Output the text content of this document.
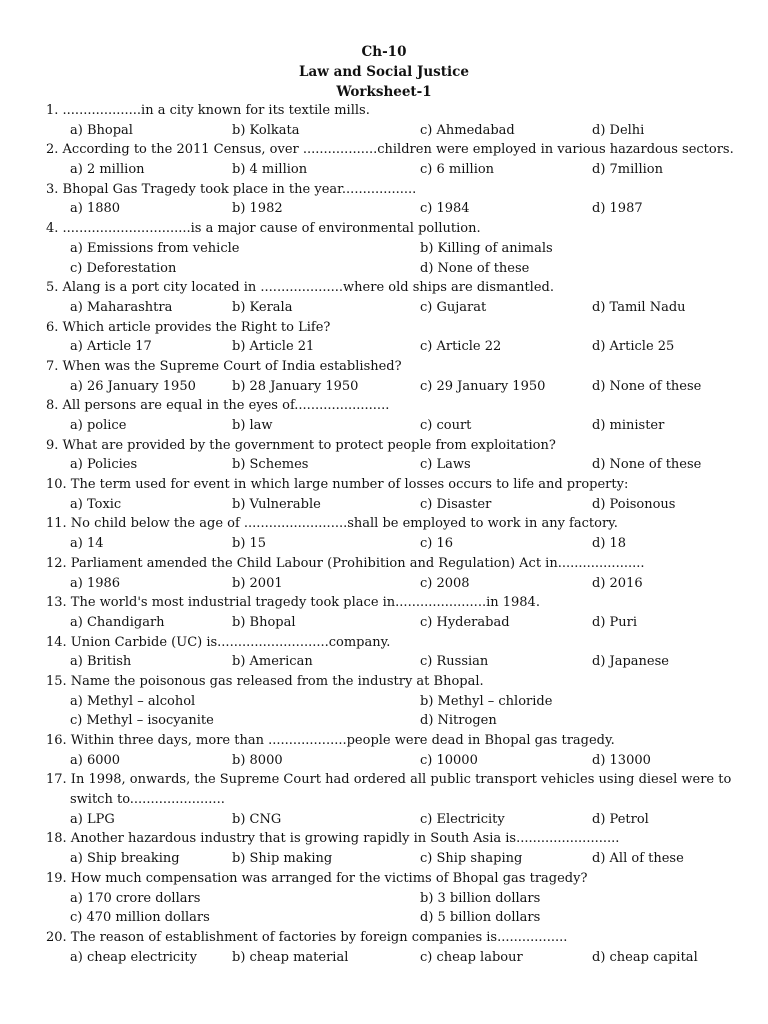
Ch-10
Law and Social Justice
Worksheet-1
1. ...................in a city known for its textile mills.
a) Bhopal	b) Kolkata	c) Ahmedabad	d) Delhi
2. According to the 2011 Census, over ..................children were employed in various hazardous sectors.
a) 2 million	b) 4 million	c) 6 million	d) 7million
3. Bhopal Gas Tragedy took place in the year..................
a) 1880	b) 1982	c) 1984	d) 1987
4. ...............................is a major cause of environmental pollution.
a) Emissions from vehicle	b) Killing of animals
c) Deforestation	d) None of these
5. Alang is a port city located in ....................where old ships are dismantled.
a) Maharashtra	b) Kerala	c) Gujarat	d) Tamil Nadu
6. Which article provides the Right to Life?
a) Article 17	b) Article 21	c) Article 22	d) Article 25
7. When was the Supreme Court of India established?
a) 26 January 1950	b) 28 January 1950	c) 29 January 1950	d) None of these
8. All persons are equal in the eyes of.......................
a) police	b) law	c) court	d) minister
9. What are provided by the government to protect people from exploitation?
a) Policies	b) Schemes	c) Laws	d) None of these
10. The term used for event in which large number of losses occurs to life and property:
a) Toxic	b) Vulnerable	c) Disaster	d) Poisonous
11. No child below the age of .........................shall be employed to work in any factory.
a) 14	b) 15	c) 16	d) 18
12. Parliament amended the Child Labour (Prohibition and Regulation) Act in.....................
a) 1986	b) 2001	c) 2008	d) 2016
13. The world's most industrial tragedy took place in......................in 1984.
a) Chandigarh	b) Bhopal	c) Hyderabad	d) Puri
14. Union Carbide (UC) is...........................company.
a) British	b) American	c) Russian	d) Japanese
15. Name the poisonous gas released from the industry at Bhopal.
a) Methyl – alcohol	b) Methyl – chloride
c) Methyl – isocyanite	d) Nitrogen
16. Within three days, more than ...................people were dead in Bhopal gas tragedy.
a) 6000	b) 8000	c) 10000	d) 13000
17. In 1998, onwards, the Supreme Court had ordered all public transport vehicles using diesel were to switch to.......................
a) LPG	b) CNG	c) Electricity	d) Petrol
18. Another hazardous industry that is growing rapidly in South Asia is.........................
a) Ship breaking	b) Ship making	c) Ship shaping	d) All of these
19. How much compensation was arranged for the victims of Bhopal gas tragedy?
a) 170 crore dollars	b) 3 billion dollars
c) 470 million dollars	d) 5 billion dollars
20. The reason of establishment of factories by foreign companies is.................
a) cheap electricity	b) cheap material	c) cheap labour	d) cheap capital
